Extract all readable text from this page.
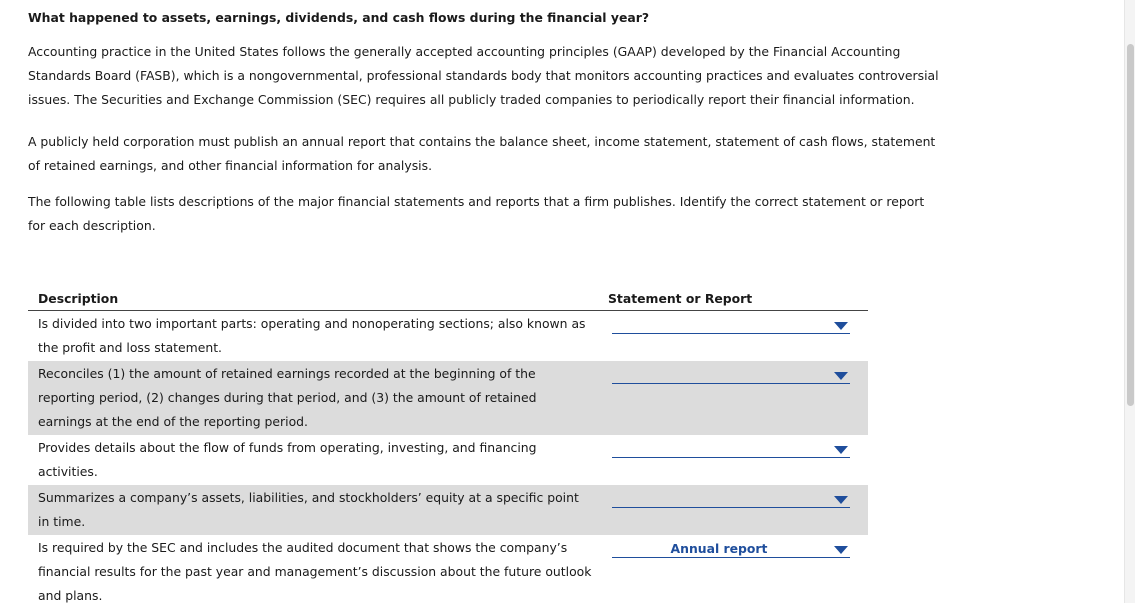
What happened to assets, earnings, dividends, and cash flows during the financial year?

Accounting practice in the United States follows the generally accepted accounting principles (GAAP) developed by the Financial Accounting Standards Board (FASB), which is a nongovernmental, professional standards body that monitors accounting practices and evaluates controversial issues. The Securities and Exchange Commission (SEC) requires all publicly traded companies to periodically report their financial information.

A publicly held corporation must publish an annual report that contains the balance sheet, income statement, statement of cash flows, statement of retained earnings, and other financial information for analysis.

The following table lists descriptions of the major financial statements and reports that a firm publishes. Identify the correct statement or report for each description.

Description	Statement or Report
Is divided into two important parts: operating and nonoperating sections; also known as the profit and loss statement.
Reconciles (1) the amount of retained earnings recorded at the beginning of the reporting period, (2) changes during that period, and (3) the amount of retained earnings at the end of the reporting period.
Provides details about the flow of funds from operating, investing, and financing activities.
Summarizes a company’s assets, liabilities, and stockholders’ equity at a specific point in time.
Is required by the SEC and includes the audited document that shows the company’s financial results for the past year and management’s discussion about the future outlook and plans.
Annual report
